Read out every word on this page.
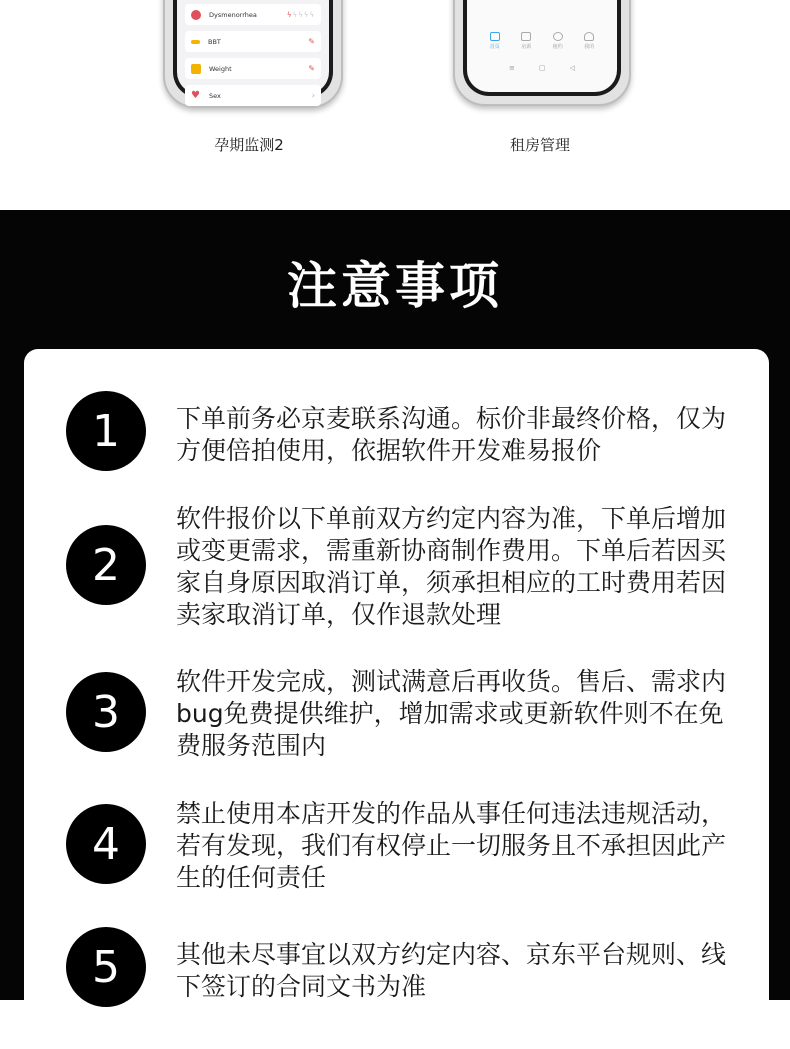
Dysmenorrhea	ϟϟϟϟϟ
BBT	✎
Weight	✎
♥ Sex	›
孕期监测2
首页	房源	租约	我的
≡	▢	◁
租房管理
注意事项
1	下单前务必京麦联系沟通。标价非最终价格，仅为方便倍拍使用，依据软件开发难易报价
2
软件报价以下单前双方约定内容为准，下单后增加或变更需求，需重新协商制作费用。下单后若因买家自身原因取消订单，须承担相应的工时费用若因卖家取消订单，仅作退款处理
3
软件开发完成，测试满意后再收货。售后、需求内bug免费提供维护，增加需求或更新软件则不在免费服务范围内
4
禁止使用本店开发的作品从事任何违法违规活动，若有发现，我们有权停止一切服务且不承担因此产生的任何责任
5	其他未尽事宜以双方约定内容、京东平台规则、线下签订的合同文书为准
